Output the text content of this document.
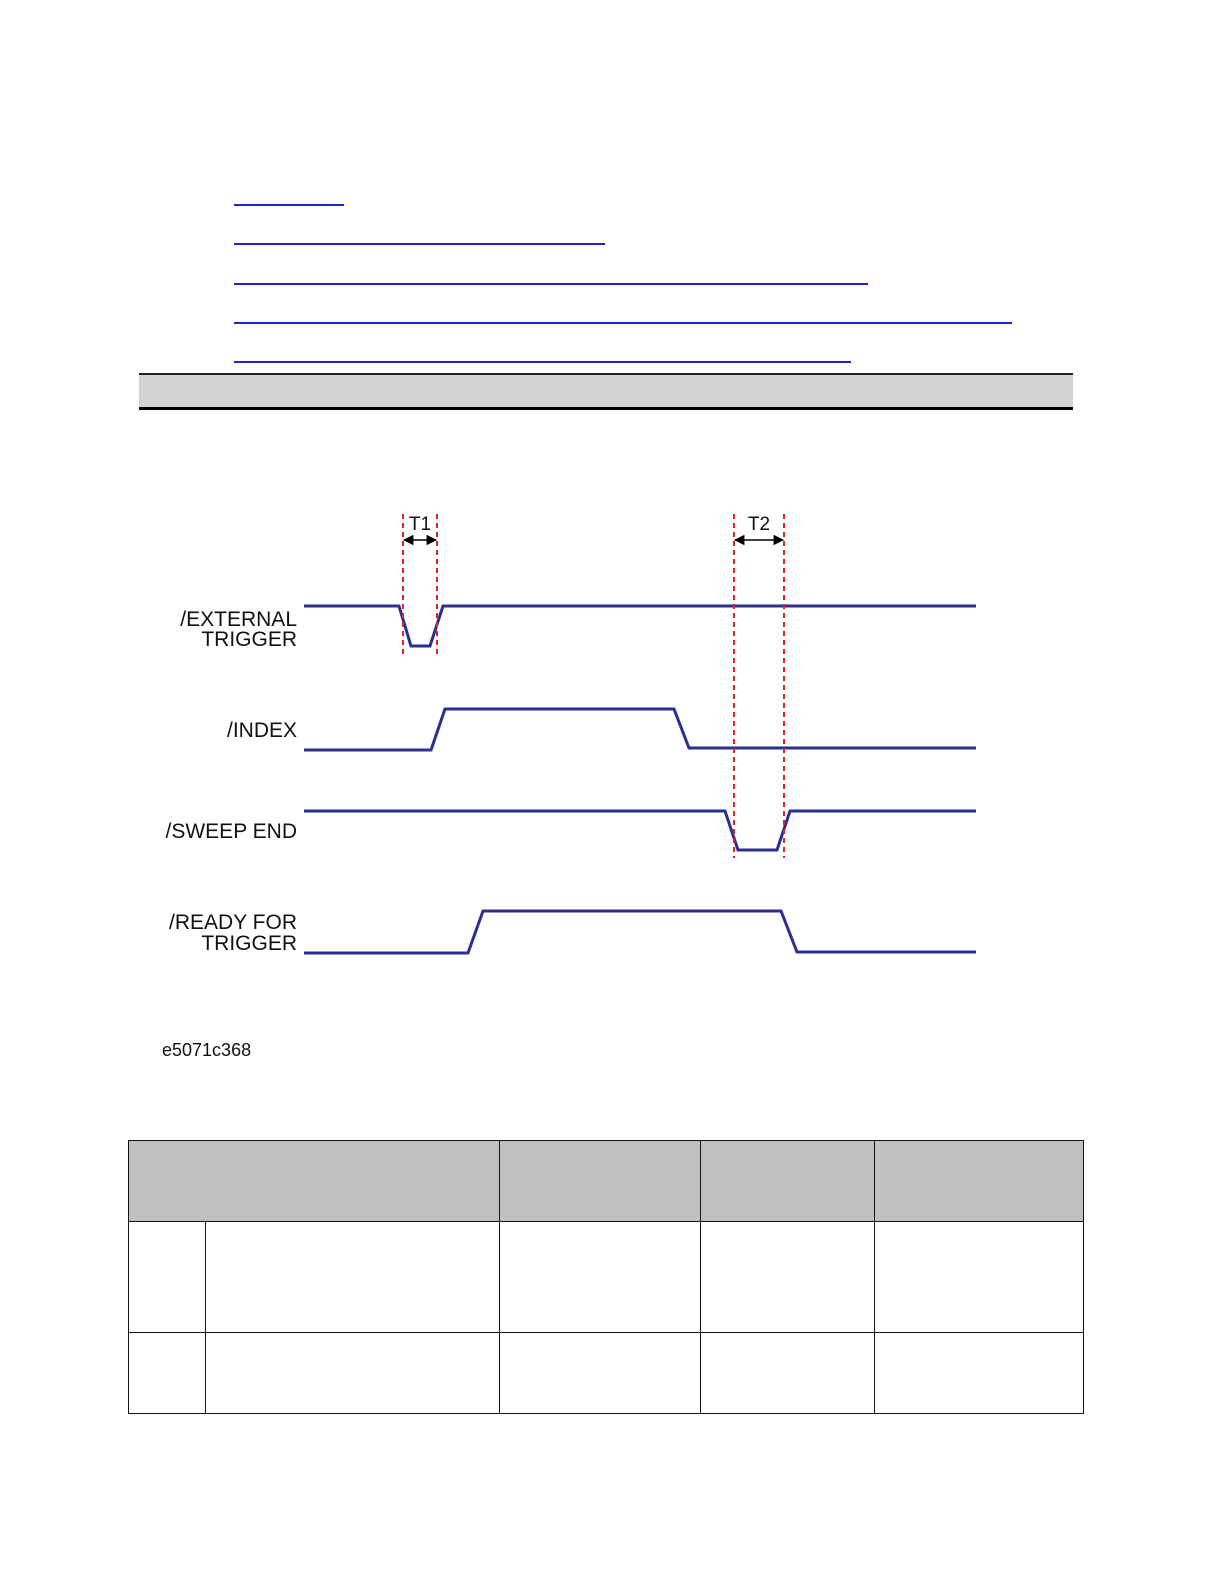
/EXTERNAL
TRIGGER
/INDEX
/SWEEP END
/READY FOR
TRIGGER
T1	T2
e5071c368
